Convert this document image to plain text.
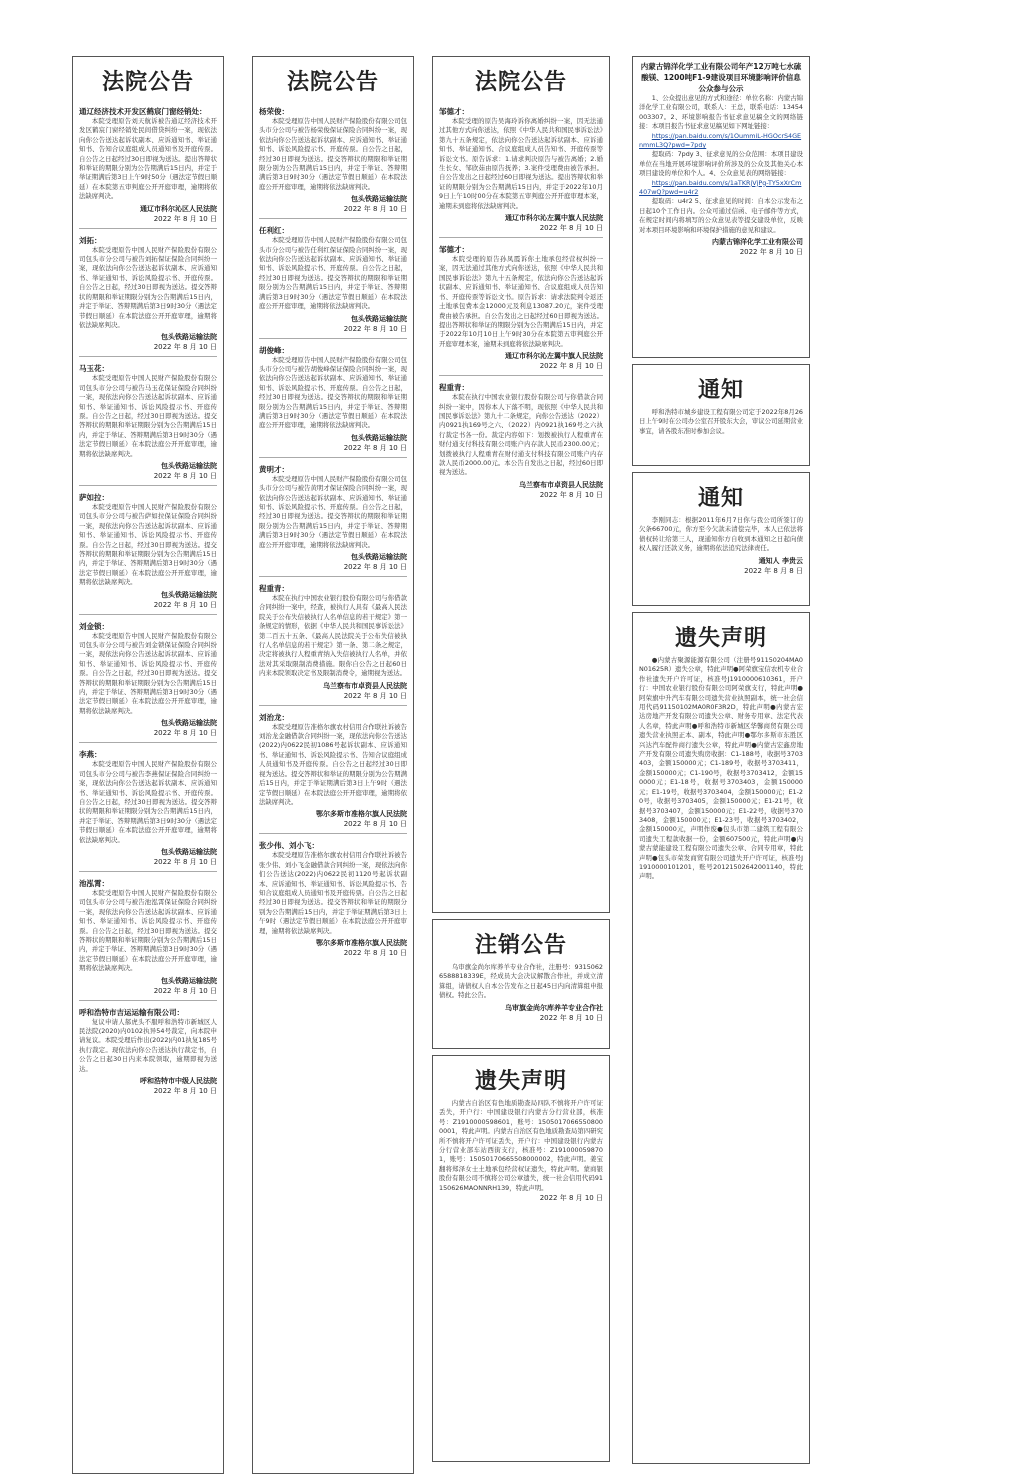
法院公告
通辽经济技术开发区鹤宸门窗经销处：
本院受理原告刘天航诉被告通辽经济技术开发区鹤宸门窗经销处民间借贷纠纷一案，现依法向你公告送达起诉状副本、应诉通知书、举证通知书、告知合议庭组成人员通知书及开庭传票。自公告之日起经过30日即视为送达。提出答辩状和举证的期限分别为公告期满后15日内，并定于举证期满后第3日上午9时50分（遇法定节假日顺延）在本院第五审判庭公开开庭审理，逾期将依法缺席判决。
通辽市科尔沁区人民法院
2022 年 8 月 10 日
刘拓：
本院受理原告中国人民财产保险股份有限公司包头市分公司与被告刘拓保证保险合同纠纷一案，现依法向你公告送达起诉状副本、应诉通知书、举证通知书、诉讼风险提示书、开庭传票。自公告之日起，经过30日即视为送达。提交答辩状的期限和举证期限分别为公告期满后15日内，并定于举证、答辩期满后第3日9时30分（遇法定节假日顺延）在本院法庭公开开庭审理，逾期将依法缺席判决。
包头铁路运输法院
2022 年 8 月 10 日
马玉花：
本院受理原告中国人民财产保险股份有限公司包头市分公司与被告马玉花保证保险合同纠纷一案，现依法向你公告送达起诉状副本、应诉通知书、举证通知书、诉讼风险提示书、开庭传票。自公告之日起，经过30日即视为送达。提交答辩状的期限和举证期限分别为公告期满后15日内，并定于举证、答辩期满后第3日9时30分（遇法定节假日顺延）在本院法庭公开开庭审理，逾期将依法缺席判决。
包头铁路运输法院
2022 年 8 月 10 日
萨如拉：
本院受理原告中国人民财产保险股份有限公司包头市分公司与被告萨如拉保证保险合同纠纷一案，现依法向你公告送达起诉状副本、应诉通知书、举证通知书、诉讼风险提示书、开庭传票。自公告之日起，经过30日即视为送达。提交答辩状的期限和举证期限分别为公告期满后15日内，并定于举证、答辩期满后第3日9时30分（遇法定节假日顺延）在本院法庭公开开庭审理，逾期将依法缺席判决。
包头铁路运输法院
2022 年 8 月 10 日
刘金锁：
本院受理原告中国人民财产保险股份有限公司包头市分公司与被告刘金锁保证保险合同纠纷一案，现依法向你公告送达起诉状副本、应诉通知书、举证通知书、诉讼风险提示书、开庭传票。自公告之日起，经过30日即视为送达。提交答辩状的期限和举证期限分别为公告期满后15日内，并定于举证、答辩期满后第3日9时30分（遇法定节假日顺延）在本院法庭公开开庭审理，逾期将依法缺席判决。
包头铁路运输法院
2022 年 8 月 10 日
李燕：
本院受理原告中国人民财产保险股份有限公司包头市分公司与被告李燕保证保险合同纠纷一案，现依法向你公告送达起诉状副本、应诉通知书、举证通知书、诉讼风险提示书、开庭传票。自公告之日起，经过30日即视为送达。提交答辩状的期限和举证期限分别为公告期满后15日内，并定于举证、答辩期满后第3日9时30分（遇法定节假日顺延）在本院法庭公开开庭审理，逾期将依法缺席判决。
包头铁路运输法院
2022 年 8 月 10 日
池泓霄：
本院受理原告中国人民财产保险股份有限公司包头市分公司与被告池泓霄保证保险合同纠纷一案，现依法向你公告送达起诉状副本、应诉通知书、举证通知书、诉讼风险提示书、开庭传票。自公告之日起，经过30日即视为送达。提交答辩状的期限和举证期限分别为公告期满后15日内，并定于举证、答辩期满后第3日9时30分（遇法定节假日顺延）在本院法庭公开开庭审理，逾期将依法缺席判决。
包头铁路运输法院
2022 年 8 月 10 日
呼和浩特市吉运运输有限公司：
复议申请人郝虎头不服呼和浩特市新城区人民法院(2020)内0102执异54号裁定，向本院申请复议。本院受理后作出(2022)内01执复185号执行裁定。现依法向你公告送达执行裁定书，自公告之日起30日内来本院领取，逾期即视为送达。
呼和浩特市中级人民法院
2022 年 8 月 10 日
法院公告
杨荣俊：
本院受理原告中国人民财产保险股份有限公司包头市分公司与被告杨荣俊保证保险合同纠纷一案，现依法向你公告送达起诉状副本、应诉通知书、举证通知书、诉讼风险提示书、开庭传票。自公告之日起，经过30日即视为送达。提交答辩状的期限和举证期限分别为公告期满后15日内，并定于举证、答辩期满后第3日9时30分（遇法定节假日顺延）在本院法庭公开开庭审理，逾期将依法缺席判决。
包头铁路运输法院
2022 年 8 月 10 日
任利红：
本院受理原告中国人民财产保险股份有限公司包头市分公司与被告任利红保证保险合同纠纷一案，现依法向你公告送达起诉状副本、应诉通知书、举证通知书、诉讼风险提示书、开庭传票。自公告之日起，经过30日即视为送达。提交答辩状的期限和举证期限分别为公告期满后15日内，并定于举证、答辩期满后第3日9时30分（遇法定节假日顺延）在本院法庭公开开庭审理，逾期将依法缺席判决。
包头铁路运输法院
2022 年 8 月 10 日
胡俊峰：
本院受理原告中国人民财产保险股份有限公司包头市分公司与被告胡俊峰保证保险合同纠纷一案，现依法向你公告送达起诉状副本、应诉通知书、举证通知书、诉讼风险提示书、开庭传票。自公告之日起，经过30日即视为送达。提交答辩状的期限和举证期限分别为公告期满后15日内，并定于举证、答辩期满后第3日9时30分（遇法定节假日顺延）在本院法庭公开开庭审理，逾期将依法缺席判决。
包头铁路运输法院
2022 年 8 月 10 日
黄明才：
本院受理原告中国人民财产保险股份有限公司包头市分公司与被告黄明才保证保险合同纠纷一案，现依法向你公告送达起诉状副本、应诉通知书、举证通知书、诉讼风险提示书、开庭传票。自公告之日起，经过30日即视为送达。提交答辩状的期限和举证期限分别为公告期满后15日内，并定于举证、答辩期满后第3日9时30分（遇法定节假日顺延）在本院法庭公开开庭审理，逾期将依法缺席判决。
包头铁路运输法院
2022 年 8 月 10 日
程重青：
本院在执行中国农业银行股份有限公司与你借款合同纠纷一案中，经查，被执行人具有《最高人民法院关于公布失信被执行人名单信息的若干规定》第一条规定的情形，依据《中华人民共和国民事诉讼法》第二百五十五条、《最高人民法院关于公布失信被执行人名单信息的若干规定》第一条、第二条之规定，决定将被执行人程重青纳入失信被执行人名单，并依法对其采取限制消费措施。限你自公告之日起60日内来本院领取决定书及限制消费令，逾期视为送达。
乌兰察布市卓资县人民法院
2022 年 8 月 10 日
刘治龙：
本院受理原告准格尔旗农村信用合作联社诉被告刘治龙金融借款合同纠纷一案，现依法向你公告送达(2022)内0622民初1086号起诉状副本、应诉通知书、举证通知书、诉讼风险提示书、告知合议庭组成人员通知书及开庭传票。自公告之日起经过30日即视为送达。提交答辩状和举证的期限分别为公告期满后15日内，并定于举证期满后第3日上午9时（遇法定节假日顺延）在本院法庭公开开庭审理，逾期将依法缺席判决。
鄂尔多斯市准格尔旗人民法院
2022 年 8 月 10 日
张少伟、刘小飞：
本院受理原告准格尔旗农村信用合作联社诉被告张少伟、刘小飞金融借款合同纠纷一案，现依法向你们公告送达(2022)内0622民初1120号起诉状副本、应诉通知书、举证通知书、诉讼风险提示书、告知合议庭组成人员通知书及开庭传票。自公告之日起经过30日即视为送达。提交答辩状和举证的期限分别为公告期满后15日内，并定于举证期满后第3日上午9时（遇法定节假日顺延）在本院法庭公开开庭审理，逾期将依法缺席判决。
鄂尔多斯市准格尔旗人民法院
2022 年 8 月 10 日
法院公告
邹德才：
本院受理的原告吴海玲诉你离婚纠纷一案，因无法通过其他方式向你送达，依照《中华人民共和国民事诉讼法》第九十五条规定，依法向你公告送达起诉状副本、应诉通知书、举证通知书、合议庭组成人员告知书、开庭传票等诉讼文书。原告诉求：1.请求判决原告与被告离婚；2.婚生长女、邹欣茹由原告抚养；3.案件受理费由被告承担。自公告发出之日起经过60日即视为送达。提出答辩状和举证的期限分别为公告期满后15日内，并定于2022年10月9日上午10时00分在本院第五审判庭公开开庭审理本案，逾期未到庭将依法缺席判决。
通辽市科尔沁左翼中旗人民法院
2022 年 8 月 10 日
邹德才：
本院受理的原告孙凤霞诉你土地承包经营权纠纷一案，因无法通过其他方式向你送达，依照《中华人民共和国民事诉讼法》第九十五条规定，依法向你公告送达起诉状副本、应诉通知书、举证通知书、合议庭组成人员告知书、开庭传票等诉讼文书。原告诉求：请求法院判令返还土地承包费本金12000元及利息13087.20元，案件受理费由被告承担。自公告发出之日起经过60日即视为送达。提出答辩状和举证的期限分别为公告期满后15日内，并定于2022年10月10日上午9时30分在本院第五审判庭公开开庭审理本案，逾期未到庭将依法缺席判决。
通辽市科尔沁左翼中旗人民法院
2022 年 8 月 10 日
程重青：
本院在执行中国农业银行股份有限公司与你借款合同纠纷一案中，因你本人下落不明，现依照《中华人民共和国民事诉讼法》第九十二条规定，向你公告送达（2022）内0921执169号之六、（2022）内0921执169号之六执行裁定书各一份。裁定内容如下：划拨被执行人程重青在财付通支付科技有限公司账户内存款人民币2300.00元；划拨被执行人程重青在财付通支付科技有限公司账户内存款人民币2000.00元。本公告自发出之日起，经过60日即视为送达。
乌兰察布市卓资县人民法院
2022 年 8 月 10 日
注销公告
乌审旗金尚尔库养羊专业合作社，注册号：93150626588818339E，经成员大会决议解散合作社，并成立清算组，请债权人自本公告发布之日起45日内向清算组申报债权。特此公告。
乌审旗金尚尔库养羊专业合作社
2022 年 8 月 10 日
遗失声明
内蒙古自治区有色地质勘查局四队不慎将开户许可证丢失，开户行：中国建设银行内蒙古分行营业部，核准号：Z1910000598601，账号：15050170665508000001，特此声明。内蒙古自治区有色地质勘查局第四研究所不慎将开户许可证丢失，开户行：中国建设银行内蒙古分行营业部车站西街支行，核准号：Z1910000598701，账号：15050170665508000002，特此声明。姜宝翻将郑泽女士土地承包经营权证遗失，特此声明。蒙商银股份有限公司不慎将公司公章遗失，统一社会信用代码91150626MAONNRH139，特此声明。
2022 年 8 月 10 日
内蒙古锦洋化学工业有限公司年产12万吨七水硫酸镁、1200吨F1-9建设项目环境影响评价信息公众参与公示
1、公众提出意见的方式和途径：单位名称：内蒙古锦洋化学工业有限公司，联系人：王总，联系电话：13454003307。2、环境影响报告书征求意见稿全文的网络链接：本项目报告书征求意见稿见如下网址链接：
https://pan.baidu.com/s/1OummiL-HGOcrS4GEnmmL3Q?pwd=7pdy
提取码：7pdy 3、征求意见的公众范围：本项目建设单位在当地开展环境影响评价所涉及的公众及其他关心本项目建设的单位和个人。4、公众意见表的网络链接：
https://pan.baidu.com/s/1aTKRjVjPg-TY5xXrCm407wQ?pwd=u4r2
提取码：u4r2 5、征求意见的时间：自本公示发布之日起10个工作日内。公众可通过信函、电子邮件等方式，在规定时间内将填写的公众意见表等提交建设单位，反映对本项目环境影响和环境保护措施的意见和建议。
内蒙古锦洋化学工业有限公司
2022 年 8 月 10 日
通知
呼和浩特市城乡建设工程有限公司定于2022年8月26日上午9时在公司办公室召开股东大会，审议公司延期营业事宜，请各股东准时参加会议。
通知
李刚同志：根据2011年6月7日你与我公司所签订的欠条66700元，你方至今欠款未清偿完毕，本人已依法将债权转让给第三人，现通知你方自收到本通知之日起向债权人履行还款义务，逾期将依法追究法律责任。
通知人 李贵云
2022 年 8 月 8 日
遗失声明
●内蒙古聚源能源有限公司（注册号91150204MA0N01625R）遗失公章，特此声明●阿荣旗宝信农机专业合作社遗失开户许可证，核准号J1910000610361，开户行：中国农业银行股份有限公司阿荣旗支行，特此声明●阿荣旗中升汽车有限公司遗失营业执照副本，统一社会信用代码91150102MA0R0F3R2D，特此声明●内蒙古宏达房地产开发有限公司遗失公章、财务专用章、法定代表人名章，特此声明●呼和浩特市新城区华馨商贸有限公司遗失营业执照正本、副本，特此声明●鄂尔多斯市东胜区兴达汽车配件商行遗失公章，特此声明●内蒙古宏鑫房地产开发有限公司遗失购房收据：C1-188号，收据号3703403，金额150000元；C1-189号，收据号3703411，金额150000元；C1-190号，收据号3703412，金额150000元；E1-18号，收据号3703403，金额150000元；E1-19号，收据号3703404，金额150000元；E1-20号，收据号3703405，金额150000元；E1-21号，收据号3703407，金额150000元；E1-22号，收据号3703408，金额150000元；E1-23号，收据号3703402，金额150000元，声明作废●包头市第二建筑工程有限公司遗失工程款收据一份，金额607500元，特此声明●内蒙古蒙能建设工程有限公司遗失公章、合同专用章，特此声明●包头市荣发商贸有限公司遗失开户许可证，核准号J1910000101201，账号20121502642001140，特此声明。
